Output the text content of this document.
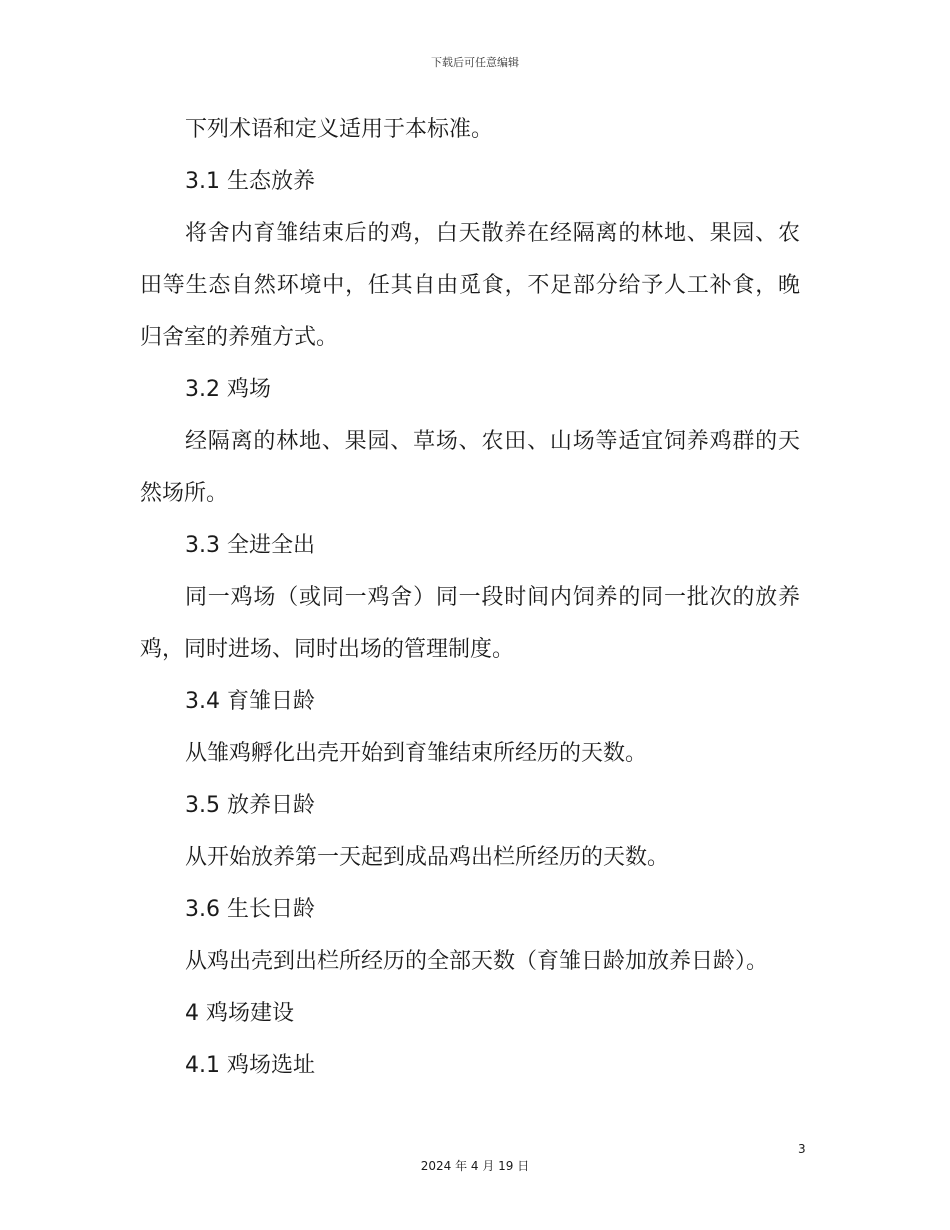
下载后可任意编辑
下列术语和定义适用于本标准。
3.1 生态放养
将舍内育雏结束后的鸡，白天散养在经隔离的林地、果园、农
田等生态自然环境中，任其自由觅食，不足部分给予人工补食，晚
归舍室的养殖方式。
3.2 鸡场
经隔离的林地、果园、草场、农田、山场等适宜饲养鸡群的天
然场所。
3.3 全进全出
同一鸡场（或同一鸡舍）同一段时间内饲养的同一批次的放养
鸡，同时进场、同时出场的管理制度。
3.4 育雏日龄
从雏鸡孵化出壳开始到育雏结束所经历的天数。
3.5 放养日龄
从开始放养第一天起到成品鸡出栏所经历的天数。
3.6 生长日龄
从鸡出壳到出栏所经历的全部天数（育雏日龄加放养日龄）。
4 鸡场建设
4.1 鸡场选址
3
2024 年 4 月 19 日
